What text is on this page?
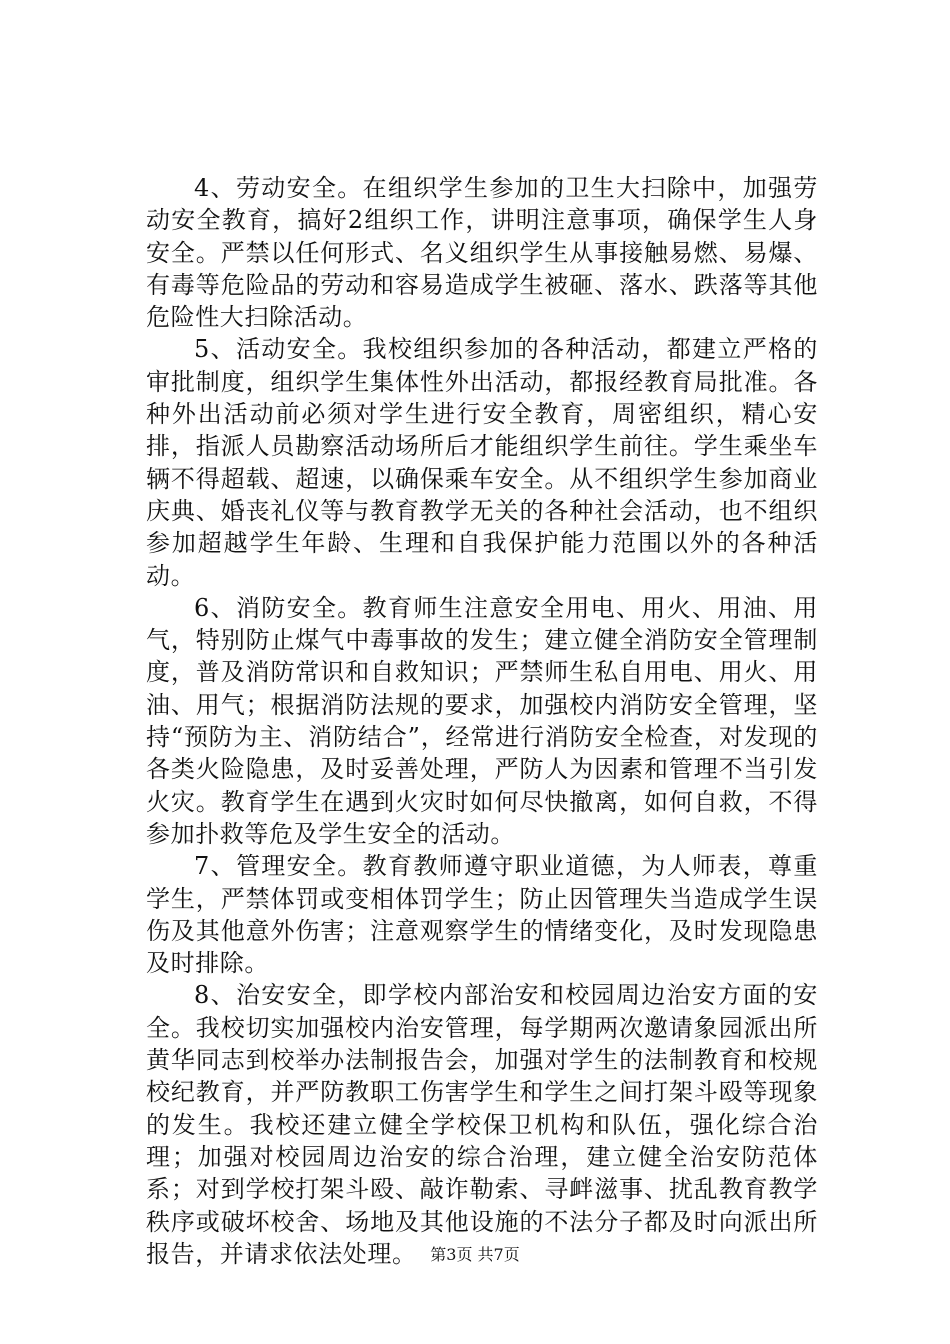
4、劳动安全。在组织学生参加的卫生大扫除中，加强劳动安全教育，搞好2组织工作，讲明注意事项，确保学生人身安全。严禁以任何形式、名义组织学生从事接触易燃、易爆、有毒等危险品的劳动和容易造成学生被砸、落水、跌落等其他危险性大扫除活动。

5、活动安全。我校组织参加的各种活动，都建立严格的审批制度，组织学生集体性外出活动，都报经教育局批准。各种外出活动前必须对学生进行安全教育，周密组织，精心安排，指派人员勘察活动场所后才能组织学生前往。学生乘坐车辆不得超载、超速，以确保乘车安全。从不组织学生参加商业庆典、婚丧礼仪等与教育教学无关的各种社会活动，也不组织参加超越学生年龄、生理和自我保护能力范围以外的各种活动。

6、消防安全。教育师生注意安全用电、用火、用油、用气，特别防止煤气中毒事故的发生；建立健全消防安全管理制度，普及消防常识和自救知识；严禁师生私自用电、用火、用油、用气；根据消防法规的要求，加强校内消防安全管理，坚持“预防为主、消防结合”，经常进行消防安全检查，对发现的各类火险隐患，及时妥善处理，严防人为因素和管理不当引发火灾。教育学生在遇到火灾时如何尽快撤离，如何自救，不得参加扑救等危及学生安全的活动。

7、管理安全。教育教师遵守职业道德，为人师表，尊重学生，严禁体罚或变相体罚学生；防止因管理失当造成学生误伤及其他意外伤害；注意观察学生的情绪变化，及时发现隐患及时排除。

8、治安安全，即学校内部治安和校园周边治安方面的安全。我校切实加强校内治安管理，每学期两次邀请象园派出所黄华同志到校举办法制报告会，加强对学生的法制教育和校规校纪教育，并严防教职工伤害学生和学生之间打架斗殴等现象的发生。我校还建立健全学校保卫机构和队伍，强化综合治理；加强对校园周边治安的综合治理，建立健全治安防范体系；对到学校打架斗殴、敲诈勒索、寻衅滋事、扰乱教育教学秩序或破坏校舍、场地及其他设施的不法分子都及时向派出所报告，并请求依法处理。 第3页 共7页
